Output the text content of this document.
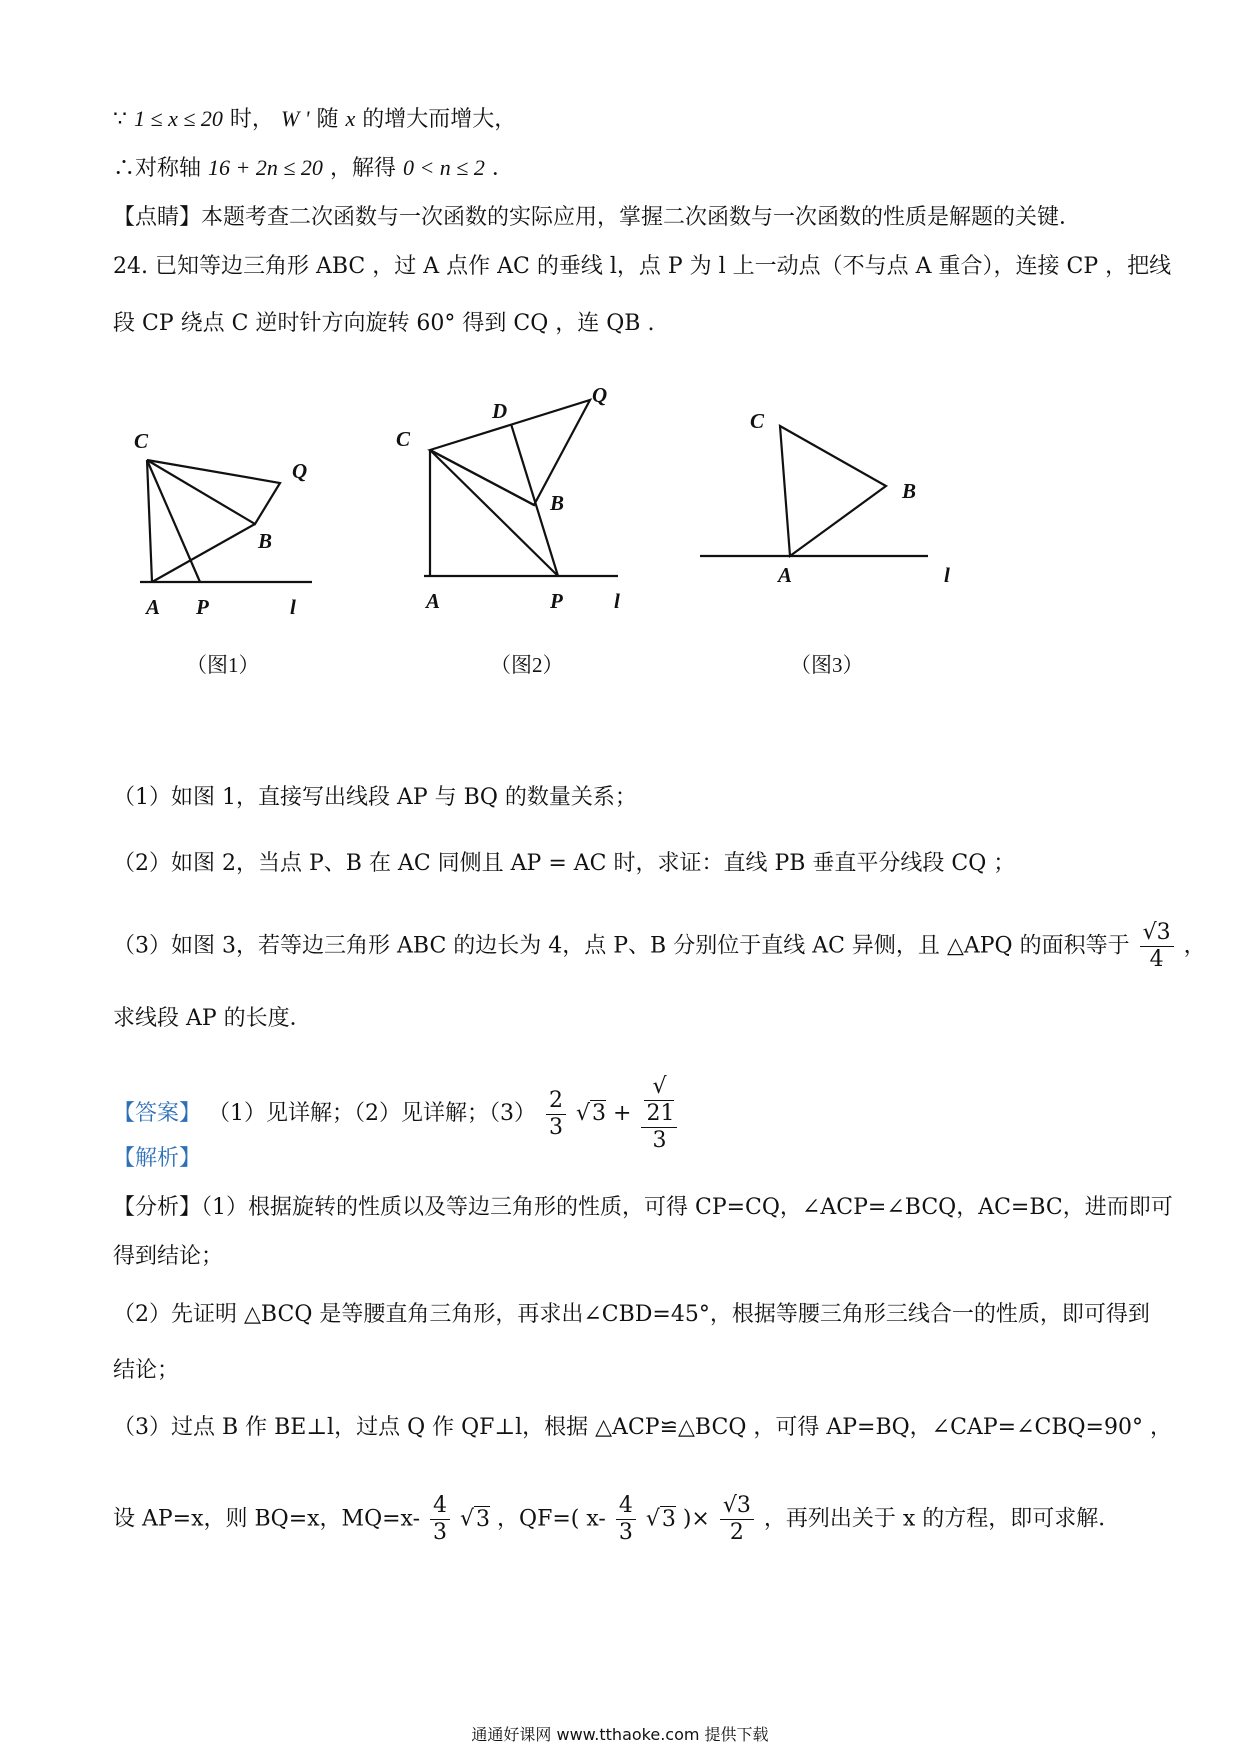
∵ 1 ≤ x ≤ 20 时， W ' 随 x 的增大而增大，
∴对称轴 16 + 2n ≤ 20 ，解得 0 < n ≤ 2 ．
【点睛】本题考查二次函数与一次函数的实际应用，掌握二次函数与一次函数的性质是解题的关键．
24. 已知等边三角形 ABC ，过 A 点作 AC 的垂线 l，点 P 为 l 上一动点（不与点 A 重合），连接 CP ，把线
段 CP 绕点 C 逆时针方向旋转 60° 得到 CQ ，连 QB .
C
Q
B
A P	l
（图1）
D
Q
C
B
A	P l
（图2）
C
B
A	l
（图3）
（1）如图 1，直接写出线段 AP 与 BQ 的数量关系；
（2）如图 2，当点 P、B 在 AC 同侧且 AP = AC 时，求证：直线 PB 垂直平分线段 CQ ；
（3）如图 3，若等边三角形 ABC 的边长为 4，点 P、B 分别位于直线 AC 异侧，且 △APQ 的面积等于 $\frac{√3}{4}$ ，
求线段 AP 的长度．
【答案】 （1）见详解；（2）见详解；$(3) \frac{2}{3} √3$ + √
21
3
【解析】
【分析】（1）根据旋转的性质以及等边三角形的性质，可得 CP=CQ，∠ACP=∠BCQ，AC=BC，进而即可
得到结论；
（2）先证明 △BCQ 是等腰直角三角形，再求出∠CBD=45°，根据等腰三角形三线合一的性质，即可得到
结论；
（3）过点 B 作 BE⊥l，过点 Q 作 QF⊥l，根据 △ACP≌△BCQ ，可得 AP=BQ，∠CAP=∠CBQ=90° ，
设 AP=x，则 BQ=x，$MQ=x- \frac{4}{3} √3$ ，QF=( $x- \frac{4}{3} √3$ )× $\frac{√3}{2}$ ，再列出关于 x 的方程，即可求解．
通通好课网 www.tthaoke.com 提供下载
